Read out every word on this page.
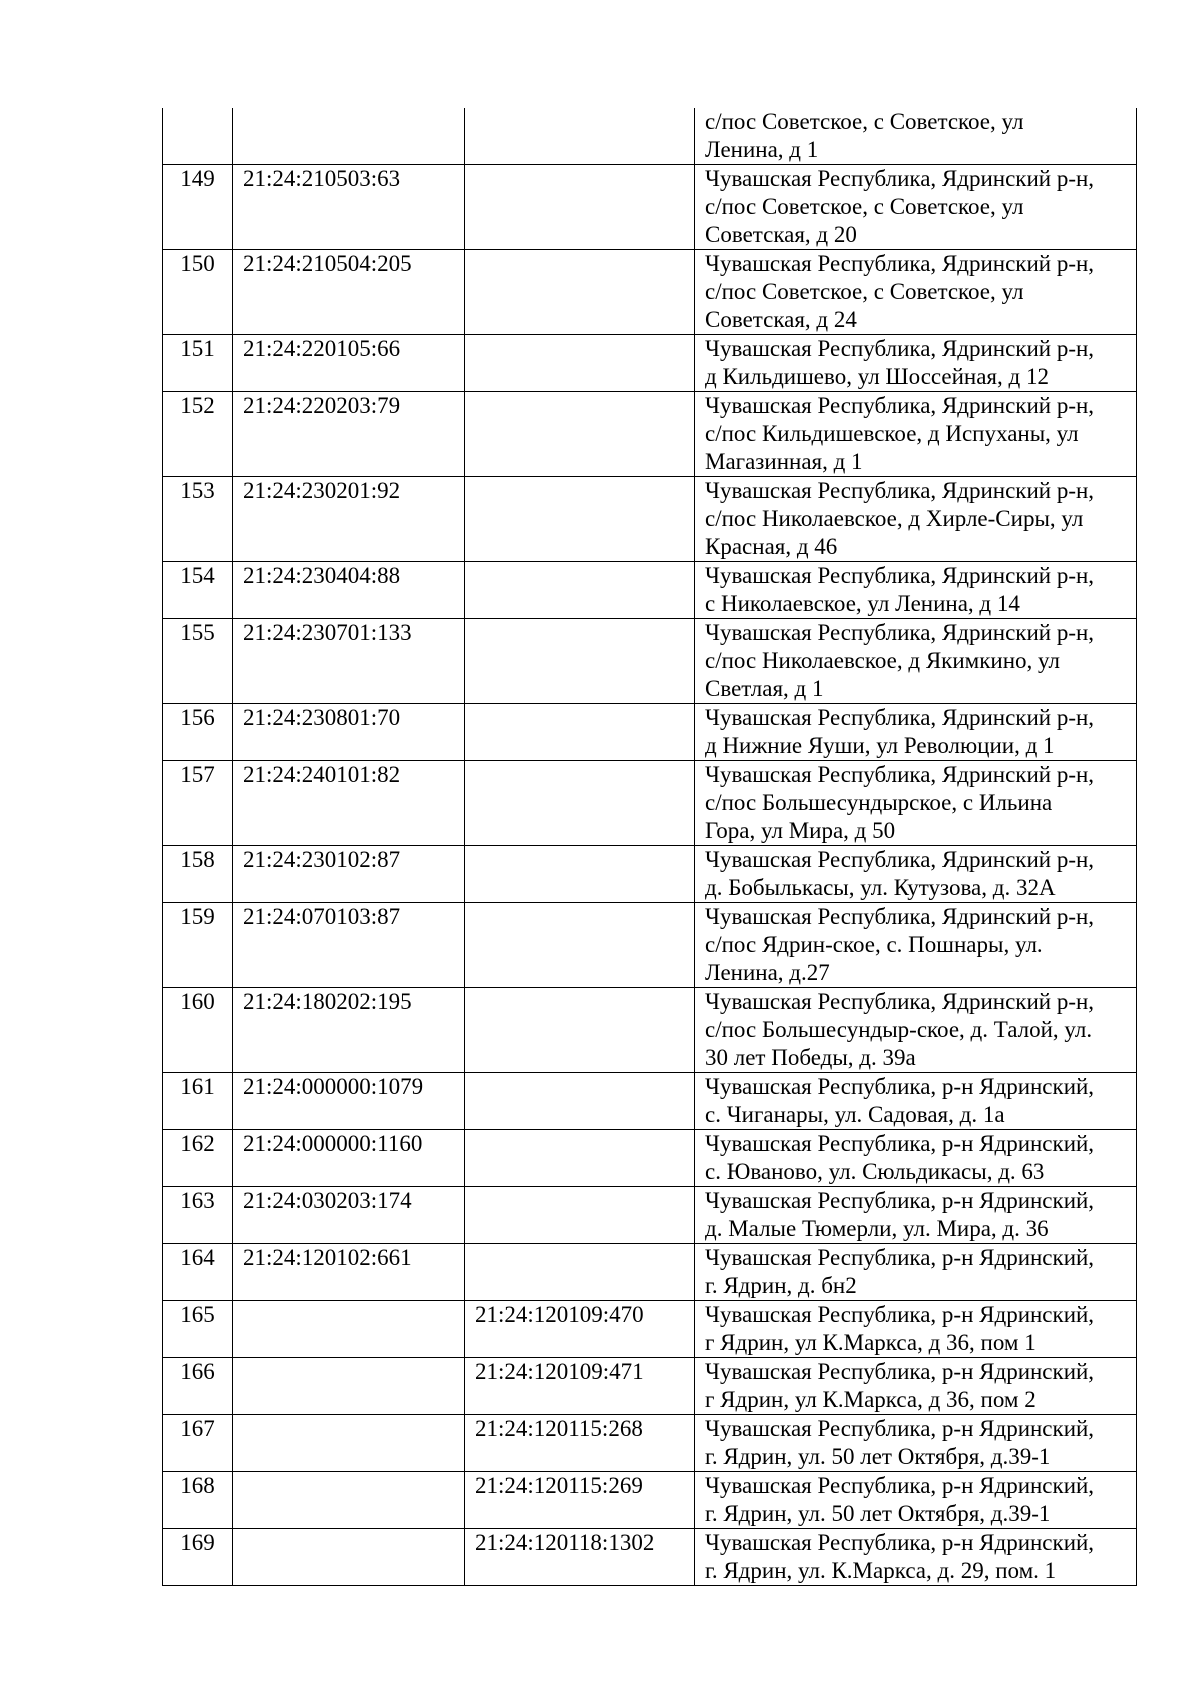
			с/пос Советское, с Советское, ул
Ленина, д 1
149	21:24:210503:63		Чувашская Республика, Ядринский р-н,
с/пос Советское, с Советское, ул
Советская, д 20
150	21:24:210504:205		Чувашская Республика, Ядринский р-н,
с/пос Советское, с Советское, ул
Советская, д 24
151	21:24:220105:66		Чувашская Республика, Ядринский р-н,
д Кильдишево, ул Шоссейная, д 12
152	21:24:220203:79		Чувашская Республика, Ядринский р-н,
с/пос Кильдишевское, д Испуханы, ул
Магазинная, д 1
153	21:24:230201:92		Чувашская Республика, Ядринский р-н,
с/пос Николаевское, д Хирле-Сиры, ул
Красная, д 46
154	21:24:230404:88		Чувашская Республика, Ядринский р-н,
с Николаевское, ул Ленина, д 14
155	21:24:230701:133		Чувашская Республика, Ядринский р-н,
с/пос Николаевское, д Якимкино, ул
Светлая, д 1
156	21:24:230801:70		Чувашская Республика, Ядринский р-н,
д Нижние Яуши, ул Революции, д 1
157	21:24:240101:82		Чувашская Республика, Ядринский р-н,
с/пос Большесундырское, с Ильина
Гора, ул Мира, д 50
158	21:24:230102:87		Чувашская Республика, Ядринский р-н,
д. Бобылькасы, ул. Кутузова, д. 32А
159	21:24:070103:87		Чувашская Республика, Ядринский р-н,
с/пос Ядрин-ское, с. Пошнары, ул.
Ленина, д.27
160	21:24:180202:195		Чувашская Республика, Ядринский р-н,
с/пос Большесундыр-ское, д. Талой, ул.
30 лет Победы, д. 39а
161	21:24:000000:1079		Чувашская Республика, р-н Ядринский,
с. Чиганары, ул. Садовая, д. 1а
162	21:24:000000:1160		Чувашская Республика, р-н Ядринский,
с. Юваново, ул. Сюльдикасы, д. 63
163	21:24:030203:174		Чувашская Республика, р-н Ядринский,
д. Малые Тюмерли, ул. Мира, д. 36
164	21:24:120102:661		Чувашская Республика, р-н Ядринский,
г. Ядрин, д. бн2
165		21:24:120109:470	Чувашская Республика, р-н Ядринский,
г Ядрин, ул К.Маркса, д 36, пом 1
166		21:24:120109:471	Чувашская Республика, р-н Ядринский,
г Ядрин, ул К.Маркса, д 36, пом 2
167		21:24:120115:268	Чувашская Республика, р-н Ядринский,
г. Ядрин, ул. 50 лет Октября, д.39-1
168		21:24:120115:269	Чувашская Республика, р-н Ядринский,
г. Ядрин, ул. 50 лет Октября, д.39-1
169		21:24:120118:1302	Чувашская Республика, р-н Ядринский,
г. Ядрин, ул. К.Маркса, д. 29, пом. 1
